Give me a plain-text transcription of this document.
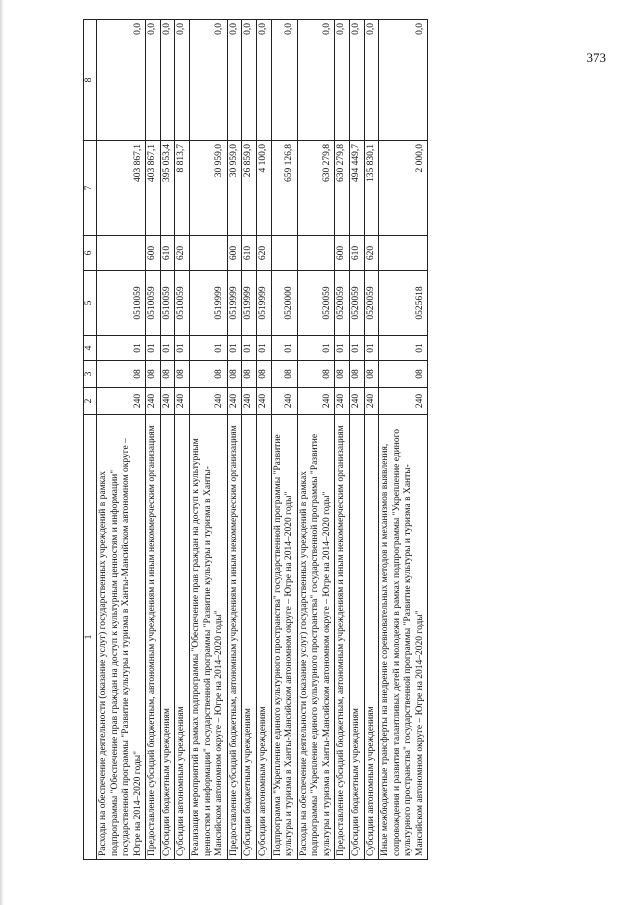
373
1	2	3	4	5	6	7	8
Расходы на обеспечение деятельности (оказание услуг) государственных учреждений в рамках подпрограммы "Обеспечение прав граждан на доступ к культурным ценностям и информации" государственной программы "Развитие культуры и туризма в Ханты-Мансийском автономном округе – Югре на 2014–2020 годы"	240	08	01	0510059		403 867,1	0,0
Предоставление субсидий бюджетным, автономным учреждениям и иным некоммерческим организациям	240	08	01	0510059	600	403 867,1	0,0
Субсидии бюджетным учреждениям	240	08	01	0510059	610	395 053,4	0,0
Субсидии автономным учреждениям	240	08	01	0510059	620	8 813,7	0,0
Реализация мероприятий в рамках подпрограммы "Обеспечение прав граждан на доступ к культурным ценностям и информации" государственной программы "Развитие культуры и туризма в Ханты-Мансийском автономном округе – Югре на 2014–2020 годы"	240	08	01	0519999		30 959,0	0,0
Предоставление субсидий бюджетным, автономным учреждениям и иным некоммерческим организациям	240	08	01	0519999	600	30 959,0	0,0
Субсидии бюджетным учреждениям	240	08	01	0519999	610	26 859,0	0,0
Субсидии автономным учреждениям	240	08	01	0519999	620	4 100,0	0,0
Подпрограмма "Укрепление единого культурного пространства" государственной программы "Развитие культуры и туризма в Ханты-Мансийском автономном округе – Югре на 2014–2020 годы"	240	08	01	0520000		659 126,8	0,0
Расходы на обеспечение деятельности (оказание услуг) государственных учреждений в рамках подпрограммы "Укрепление единого культурного пространства" государственной программы "Развитие культуры и туризма в Ханты-Мансийском автономном округе – Югре на 2014–2020 годы"	240	08	01	0520059		630 279,8	0,0
Предоставление субсидий бюджетным, автономным учреждениям и иным некоммерческим организациям	240	08	01	0520059	600	630 279,8	0,0
Субсидии бюджетным учреждениям	240	08	01	0520059	610	494 449,7	0,0
Субсидии автономным учреждениям	240	08	01	0520059	620	135 830,1	0,0
Иные межбюджетные трансферты на внедрение соревновательных методов и механизмов выявления, сопровождения и развития талантливых детей и молодежи в рамках подпрограммы "Укрепление единого культурного пространства" государственной программы "Развитие культуры и туризма в Ханты-Мансийском автономном округе – Югре на 2014–2020 годы"	240	08	01	0525618		2 000,0	0,0
